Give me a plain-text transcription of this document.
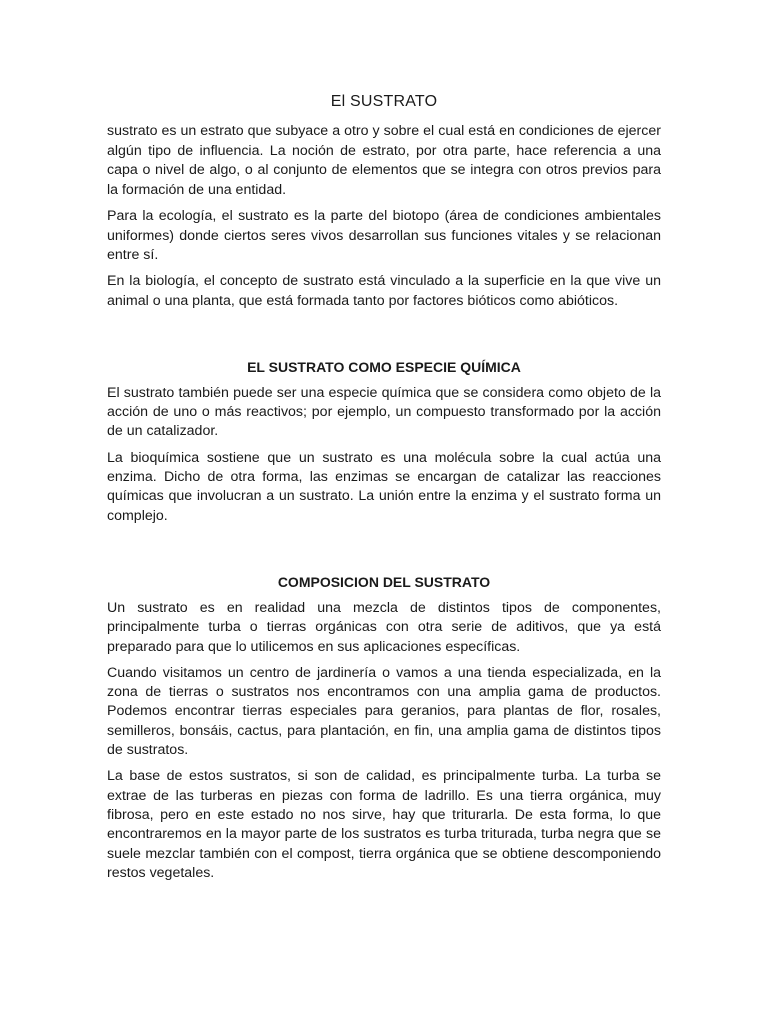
El SUSTRATO

sustrato es un estrato que subyace a otro y sobre el cual está en condiciones de ejercer algún tipo de influencia. La noción de estrato, por otra parte, hace referencia a una capa o nivel de algo, o al conjunto de elementos que se integra con otros previos para la formación de una entidad.

Para la ecología, el sustrato es la parte del biotopo (área de condiciones ambientales uniformes) donde ciertos seres vivos desarrollan sus funciones vitales y se relacionan entre sí.

En la biología, el concepto de sustrato está vinculado a la superficie en la que vive un animal o una planta, que está formada tanto por factores bióticos como abióticos.

EL SUSTRATO COMO ESPECIE QUÍMICA

El sustrato también puede ser una especie química que se considera como objeto de la acción de uno o más reactivos; por ejemplo, un compuesto transformado por la acción de un catalizador.

La bioquímica sostiene que un sustrato es una molécula sobre la cual actúa una enzima. Dicho de otra forma, las enzimas se encargan de catalizar las reacciones químicas que involucran a un sustrato. La unión entre la enzima y el sustrato forma un complejo.

COMPOSICION DEL SUSTRATO

Un sustrato es en realidad una mezcla de distintos tipos de componentes, principalmente turba o tierras orgánicas con otra serie de aditivos, que ya está preparado para que lo utilicemos en sus aplicaciones específicas.

Cuando visitamos un centro de jardinería o vamos a una tienda especializada, en la zona de tierras o sustratos nos encontramos con una amplia gama de productos. Podemos encontrar tierras especiales para geranios, para plantas de flor, rosales, semilleros, bonsáis, cactus, para plantación, en fin, una amplia gama de distintos tipos de sustratos.

La base de estos sustratos, si son de calidad, es principalmente turba. La turba se extrae de las turberas en piezas con forma de ladrillo. Es una tierra orgánica, muy fibrosa, pero en este estado no nos sirve, hay que triturarla. De esta forma, lo que encontraremos en la mayor parte de los sustratos es turba triturada, turba negra que se suele mezclar también con el compost, tierra orgánica que se obtiene descomponiendo restos vegetales.
